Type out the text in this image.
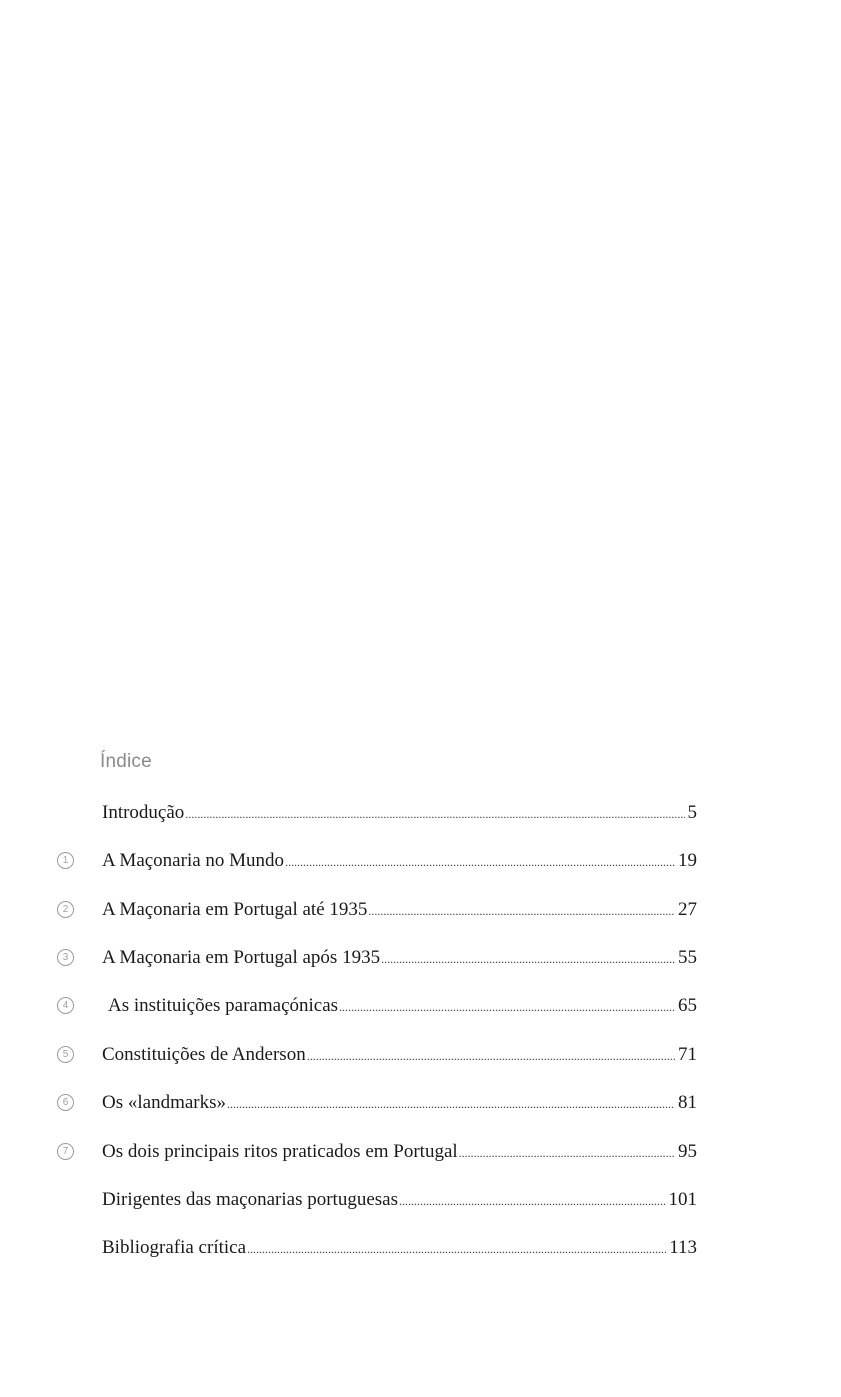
Índice
Introdução .....	5
1	A Maçonaria no Mundo .....	19
2	A Maçonaria em Portugal até 1935 .....	27
3	A Maçonaria em Portugal após 1935 .....	55
4	As instituições paramaçónicas .....	65
5	Constituições de Anderson .....	71
6	Os «landmarks» .....	81
7	Os dois principais ritos praticados em Portugal .....	95
Dirigentes das maçonarias portuguesas .....	101
Bibliografia crítica .....	113
